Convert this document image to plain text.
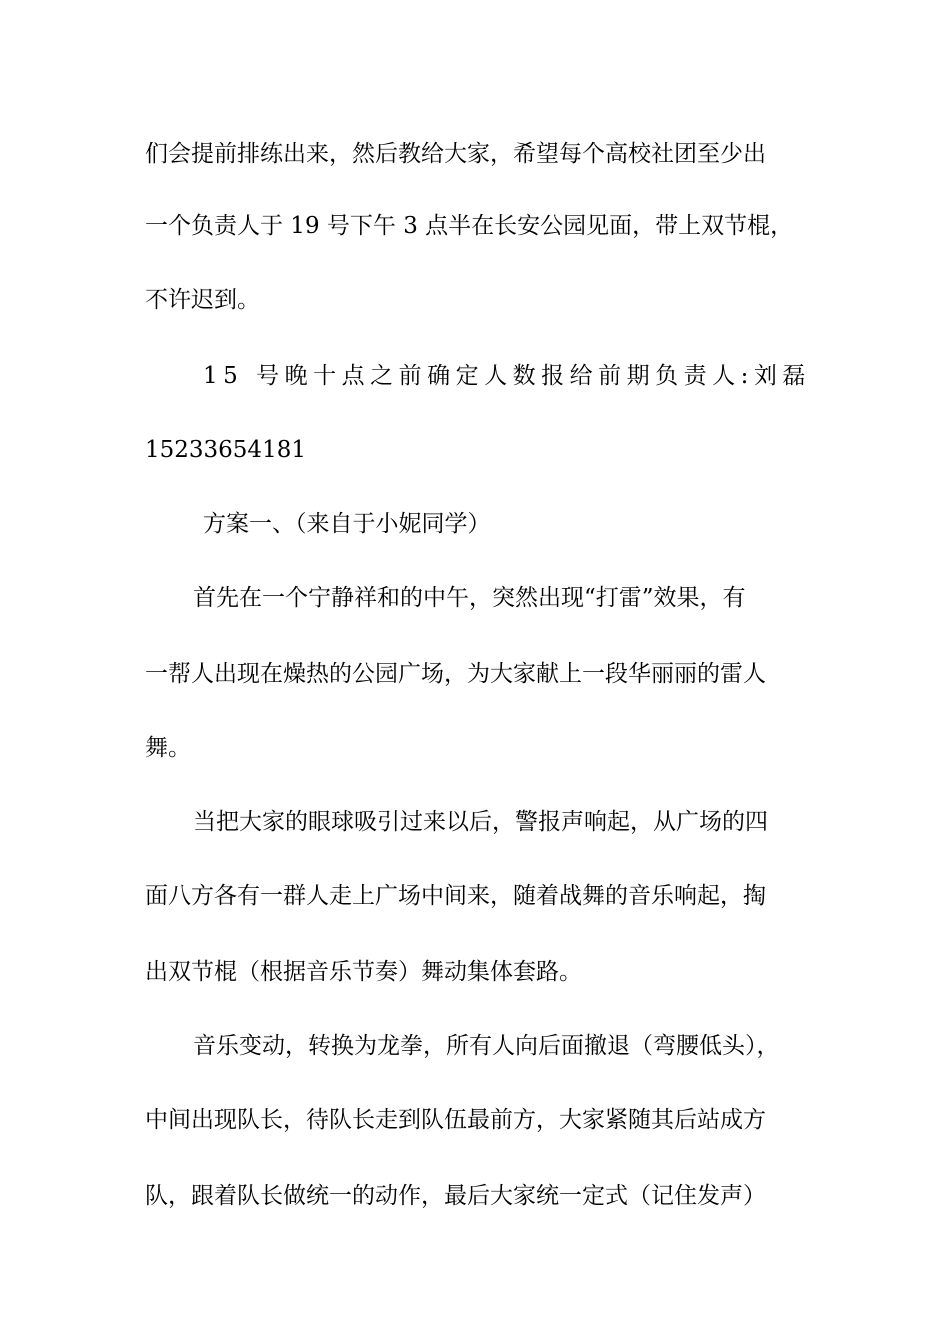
们会提前排练出来，然后教给大家，希望每个高校社团至少出
一个负责人于 19 号下午 3 点半在长安公园见面，带上双节棍，
不许迟到。
15 号晚十点之前确定人数报给前期负责人:刘磊
15233654181
方案一、（来自于小妮同学）
首先在一个宁静祥和的中午，突然出现“打雷”效果，有
一帮人出现在燥热的公园广场，为大家献上一段华丽丽的雷人
舞。
当把大家的眼球吸引过来以后，警报声响起，从广场的四
面八方各有一群人走上广场中间来，随着战舞的音乐响起，掏
出双节棍（根据音乐节奏）舞动集体套路。
音乐变动，转换为龙拳，所有人向后面撤退（弯腰低头），
中间出现队长，待队长走到队伍最前方，大家紧随其后站成方
队，跟着队长做统一的动作，最后大家统一定式（记住发声）
